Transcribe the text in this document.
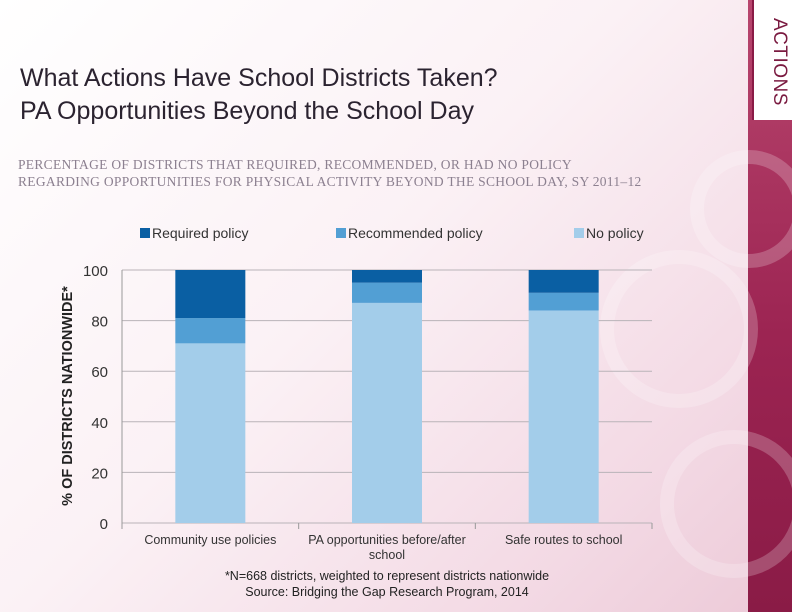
ACTIONS
What Actions Have School Districts Taken?
PA Opportunities Beyond the School Day
PERCENTAGE OF DISTRICTS THAT REQUIRED, RECOMMENDED, OR HAD NO POLICY
REGARDING OPPORTUNITIES FOR PHYSICAL ACTIVITY BEYOND THE SCHOOL DAY, SY 2011–12
0
20
40
60
80
100
Community use policies	PA opportunities before/after
school
Safe routes to school
% OF DISTRICTS NATIONWIDE*
Required policy	Recommended policy	No policy
*N=668 districts, weighted to represent districts nationwide
Source: Bridging the Gap Research Program, 2014
